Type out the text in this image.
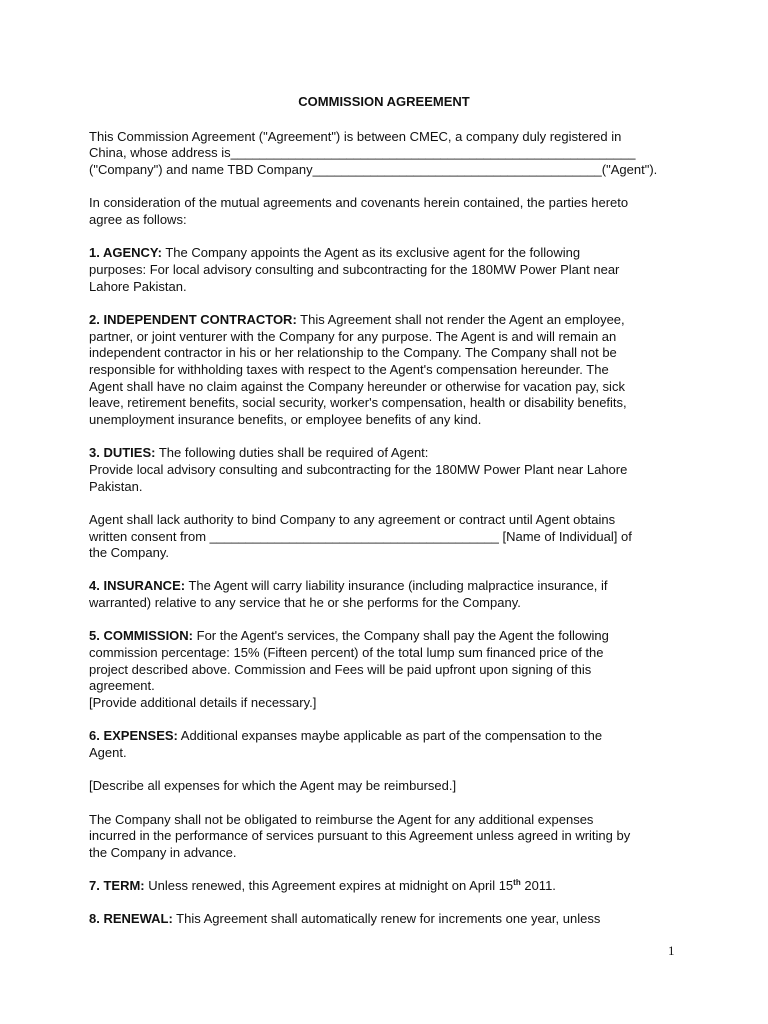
COMMISSION AGREEMENT

This Commission Agreement ("Agreement") is between CMEC, a company duly registered in
China, whose address is________________________________________________________
("Company") and name TBD Company________________________________________("Agent").

In consideration of the mutual agreements and covenants herein contained, the parties hereto
agree as follows:

1. AGENCY: The Company appoints the Agent as its exclusive agent for the following
purposes: For local advisory consulting and subcontracting for the 180MW Power Plant near
Lahore Pakistan.

2. INDEPENDENT CONTRACTOR: This Agreement shall not render the Agent an employee,
partner, or joint venturer with the Company for any purpose. The Agent is and will remain an
independent contractor in his or her relationship to the Company. The Company shall not be
responsible for withholding taxes with respect to the Agent's compensation hereunder. The
Agent shall have no claim against the Company hereunder or otherwise for vacation pay, sick
leave, retirement benefits, social security, worker's compensation, health or disability benefits,
unemployment insurance benefits, or employee benefits of any kind.

3. DUTIES: The following duties shall be required of Agent:
Provide local advisory consulting and subcontracting for the 180MW Power Plant near Lahore
Pakistan.

Agent shall lack authority to bind Company to any agreement or contract until Agent obtains
written consent from ________________________________________ [Name of Individual] of
the Company.

4. INSURANCE: The Agent will carry liability insurance (including malpractice insurance, if
warranted) relative to any service that he or she performs for the Company.

5. COMMISSION: For the Agent's services, the Company shall pay the Agent the following
commission percentage: 15% (Fifteen percent) of the total lump sum financed price of the
project described above. Commission and Fees will be paid upfront upon signing of this
agreement.
[Provide additional details if necessary.]

6. EXPENSES: Additional expanses maybe applicable as part of the compensation to the
Agent.

[Describe all expenses for which the Agent may be reimbursed.]

The Company shall not be obligated to reimburse the Agent for any additional expenses
incurred in the performance of services pursuant to this Agreement unless agreed in writing by
the Company in advance.

7. TERM: Unless renewed, this Agreement expires at midnight on April 15th 2011.

8. RENEWAL: This Agreement shall automatically renew for increments one year, unless

1
